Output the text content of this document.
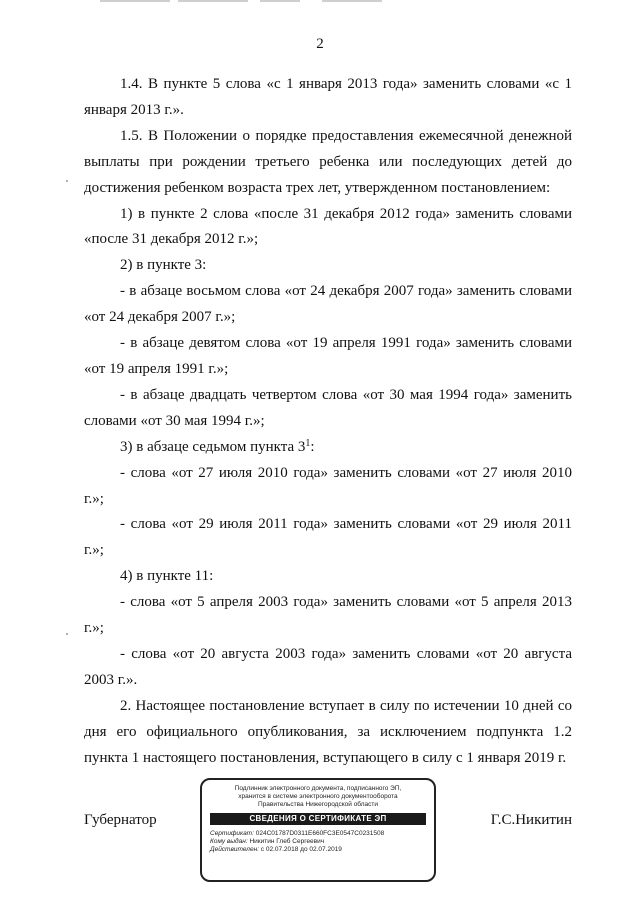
2

1.4. В пункте 5 слова «с 1 января 2013 года» заменить словами «с 1 января 2013 г.».

1.5. В Положении о порядке предоставления ежемесячной денежной выплаты при рождении третьего ребенка или последующих детей до достижения ребенком возраста трех лет, утвержденном постановлением:

1) в пункте 2 слова «после 31 декабря 2012 года» заменить словами «после 31 декабря 2012 г.»;

2) в пункте 3:

- в абзаце восьмом слова «от 24 декабря 2007 года» заменить словами «от 24 декабря 2007 г.»;

- в абзаце девятом слова «от 19 апреля 1991 года» заменить словами «от 19 апреля 1991 г.»;

- в абзаце двадцать четвертом слова «от 30 мая 1994 года» заменить словами «от 30 мая 1994 г.»;

3) в абзаце седьмом пункта $3^1$:

- слова «от 27 июля 2010 года» заменить словами «от 27 июля 2010 г.»;

- слова «от 29 июля 2011 года» заменить словами «от 29 июля 2011 г.»;

4) в пункте 11:

- слова «от 5 апреля 2003 года» заменить словами «от 5 апреля 2013 г.»;

- слова «от 20 августа 2003 года» заменить словами «от 20 августа 2003 г.».

2. Настоящее постановление вступает в силу по истечении 10 дней со дня его официального опубликования, за исключением подпункта 1.2 пункта 1 настоящего постановления, вступающего в силу с 1 января 2019 г.

Губернатор	Г.С.Никитин
Подлинник электронного документа, подписанного ЭП,
хранится в системе электронного документооборота
Правительства Нижегородской области
СВЕДЕНИЯ О СЕРТИФИКАТЕ ЭП
Сертификат: 024C01787D0311E660FC3E0547C0231508
Кому выдан: Никитин Глеб Сергеевич
Действителен: с 02.07.2018 до 02.07.2019
